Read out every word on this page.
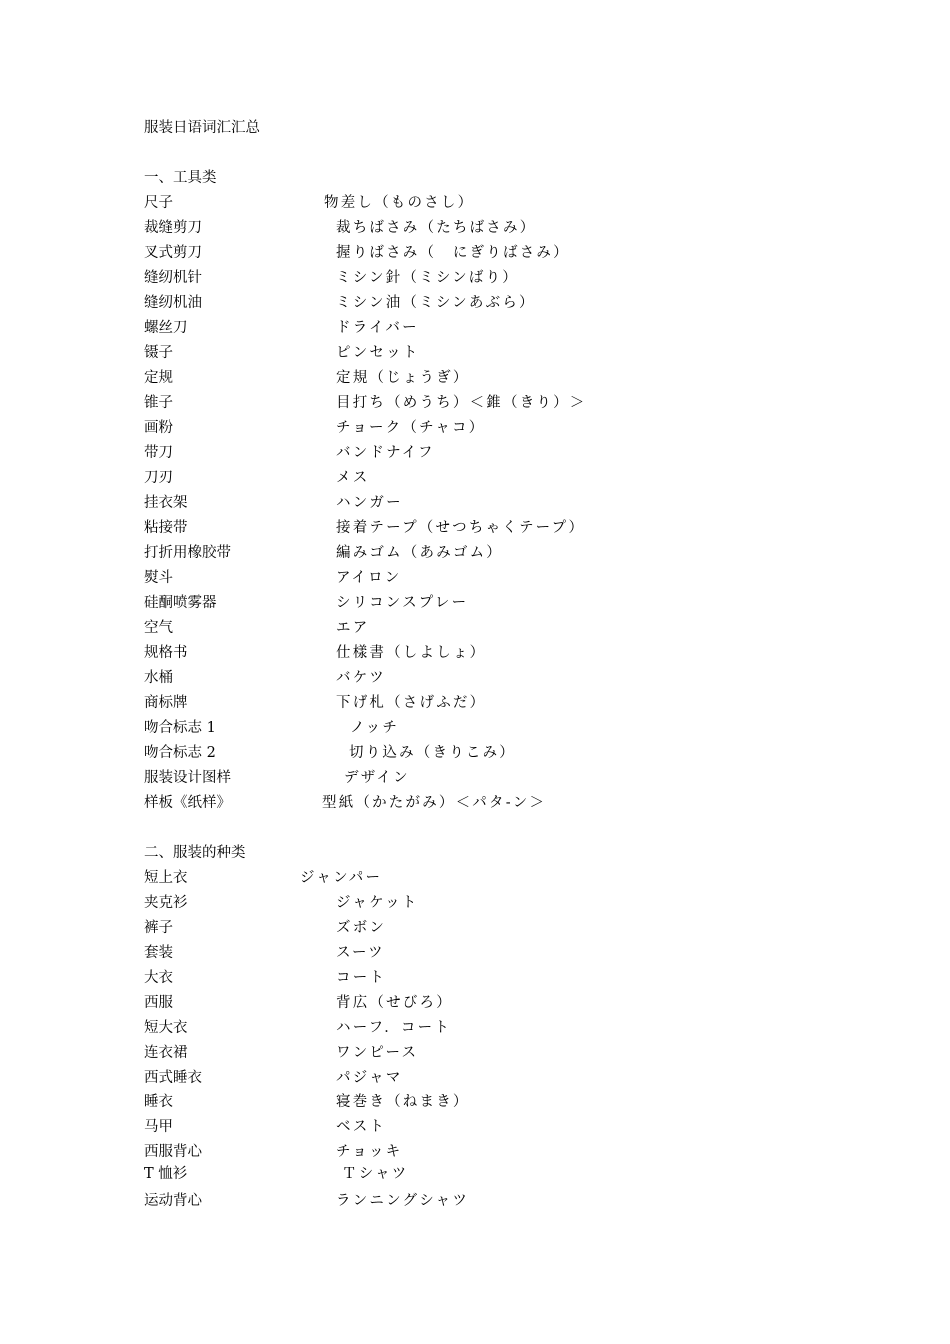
服装日语词汇汇总
一、工具类
尺子	物差し（ものさし）
裁缝剪刀	裁ちばさみ（たちばさみ）
叉式剪刀	握りばさみ（　にぎりばさみ）
缝纫机针	ミシン針（ミシンばり）
缝纫机油	ミシン油（ミシンあぶら）
螺丝刀	ドライバー
镊子	ピンセット
定规	定規（じょうぎ）
锥子	目打ち（めうち）＜錐（きり）＞
画粉	チョーク（チャコ）
带刀	バンドナイフ
刀刃	メス
挂衣架	ハンガー
粘接带	接着テープ（せつちゃくテープ）
打折用橡胶带	編みゴム（あみゴム）
熨斗	アイロン
硅酮喷雾器	シリコンスプレー
空气	エア
规格书	仕樣書（しよしょ）
水桶	バケツ
商标牌	下げ札（さげふだ）
吻合标志 1	ノッチ
吻合标志 2	切り込み（きりこみ）
服装设计图样	デザイン
样板《纸样》	型紙（かたがみ）＜パタ-ン＞
二、服装的种类
短上衣	ジャンパー
夹克衫	ジャケット
裤子	ズボン
套装	スーツ
大衣	コート
西服	背広（せびろ）
短大衣	ハーフ．コート
连衣裙	ワンピース
西式睡衣	パジャマ
睡衣	寝巻き（ねまき）
马甲	ベスト
西服背心	チョッキ
T 恤衫	Ｔシャツ
运动背心	ランニングシャツ
